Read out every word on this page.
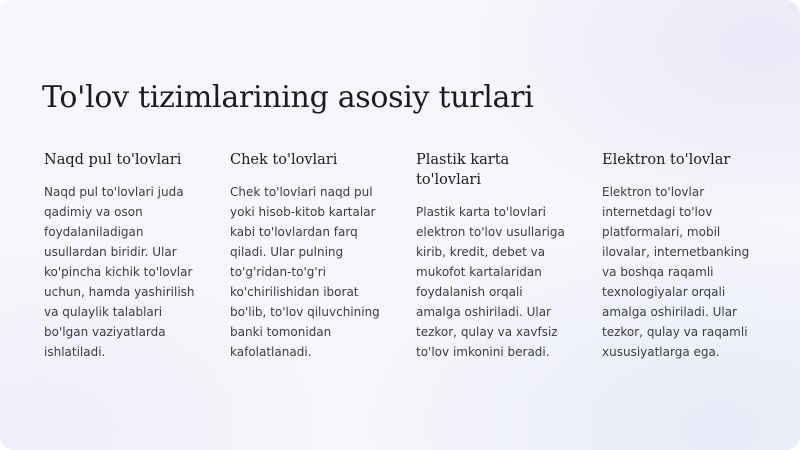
To'lov tizimlarining asosiy turlari
Naqd pul to'lovlari

Naqd pul to'lovlari juda qadimiy va oson foydalaniladigan usullardan biridir. Ular ko'pincha kichik to'lovlar uchun, hamda yashirilish va qulaylik talablari bo'lgan vaziyatlarda ishlatiladi.

Chek to'lovlari

Chek to'lovlari naqd pul yoki hisob-kitob kartalar kabi to'lovlardan farq qiladi. Ular pulning to'g'ridan-to'g'ri ko'chirilishidan iborat bo'lib, to'lov qiluvchining banki tomonidan kafolatlanadi.

Plastik karta to'lovlari

Plastik karta to'lovlari elektron to'lov usullariga kirib, kredit, debet va mukofot kartalaridan foydalanish orqali amalga oshiriladi. Ular tezkor, qulay va xavfsiz to'lov imkonini beradi.

Elektron to'lovlar

Elektron to'lovlar internetdagi to'lov platformalari, mobil ilovalar, internetbanking va boshqa raqamli texnologiyalar orqali amalga oshiriladi. Ular tezkor, qulay va raqamli xususiyatlarga ega.
